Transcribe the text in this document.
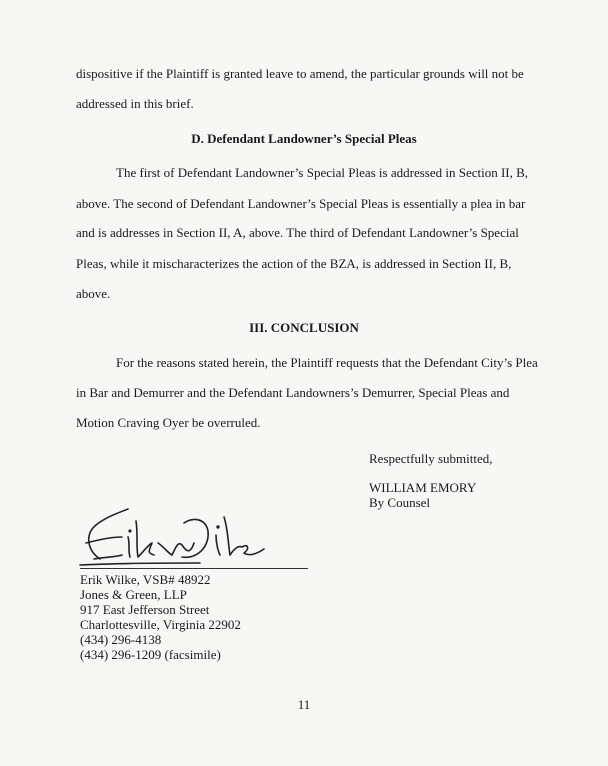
dispositive if the Plaintiff is granted leave to amend, the particular grounds will not be
addressed in this brief.
D. Defendant Landowner’s Special Pleas
The first of Defendant Landowner’s Special Pleas is addressed in Section II, B,
above. The second of Defendant Landowner’s Special Pleas is essentially a plea in bar
and is addresses in Section II, A, above. The third of Defendant Landowner’s Special
Pleas, while it mischaracterizes the action of the BZA, is addressed in Section II, B,
above.
III. CONCLUSION
For the reasons stated herein, the Plaintiff requests that the Defendant City’s Plea
in Bar and Demurrer and the Defendant Landowners’s Demurrer, Special Pleas and
Motion Craving Oyer be overruled.
Respectfully submitted,
WILLIAM EMORY
By Counsel
Erik Wilke, VSB# 48922
Jones & Green, LLP
917 East Jefferson Street
Charlottesville, Virginia 22902
(434) 296-4138
(434) 296-1209 (facsimile)
11
